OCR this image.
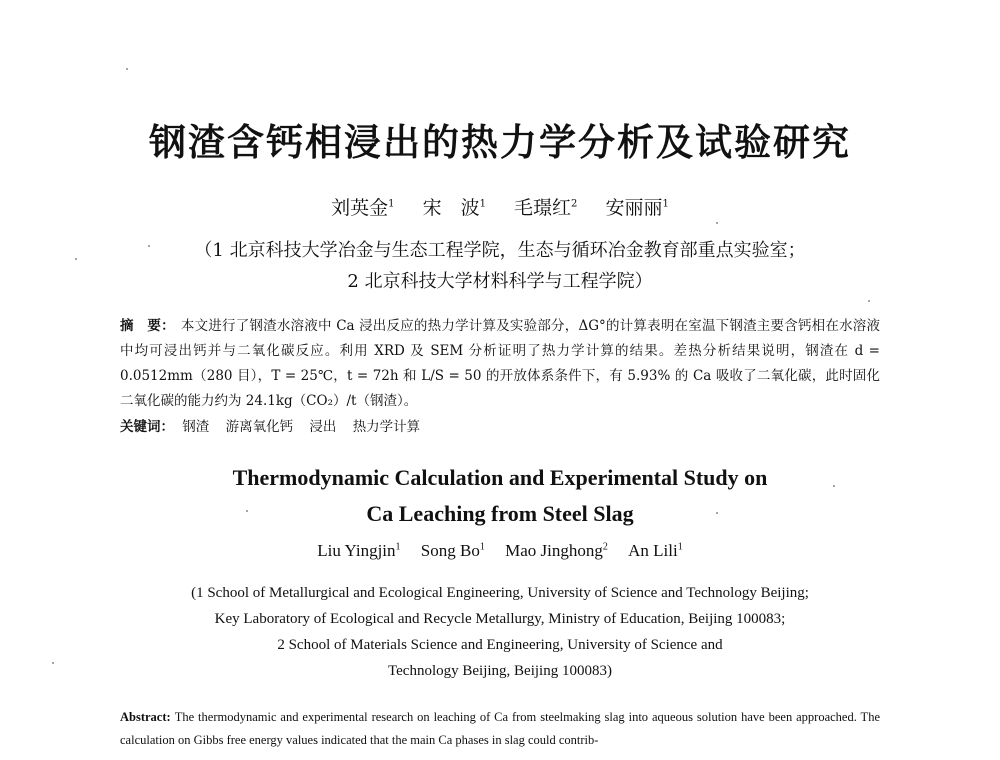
钢渣含钙相浸出的热力学分析及试验研究
刘英金$^1$ 宋　波$^1$ 毛璟红$^2$ 安丽丽$^1$
（1 北京科技大学冶金与生态工程学院，生态与循环冶金教育部重点实验室；
2 北京科技大学材料科学与工程学院）
摘　要： 本文进行了钢渣水溶液中 Ca 浸出反应的热力学计算及实验部分，ΔG°的计算表明在室温下钢渣主要含钙相在水溶液中均可浸出钙并与二氧化碳反应。利用 XRD 及 SEM 分析证明了热力学计算的结果。差热分析结果说明，钢渣在 d = 0.0512mm（280 目），T = 25℃，t = 72h 和 L/S = 50 的开放体系条件下，有 5.93% 的 Ca 吸收了二氧化碳，此时固化二氧化碳的能力约为 24.1kg（CO₂）/t（钢渣）。
关键词： 钢渣 游离氧化钙 浸出 热力学计算
Thermodynamic Calculation and Experimental Study on
Ca Leaching from Steel Slag
Liu Yingjin$^1$ Song Bo$^1$ Mao Jinghong$^2$ An Lili$^1$
(1 School of Metallurgical and Ecological Engineering, University of Science and Technology Beijing;
Key Laboratory of Ecological and Recycle Metallurgy, Ministry of Education, Beijing 100083;
2 School of Materials Science and Engineering, University of Science and
Technology Beijing, Beijing 100083)
Abstract: The thermodynamic and experimental research on leaching of Ca from steelmaking slag into aqueous solution have been approached. The calculation on Gibbs free energy values indicated that the main Ca phases in slag could contrib-
